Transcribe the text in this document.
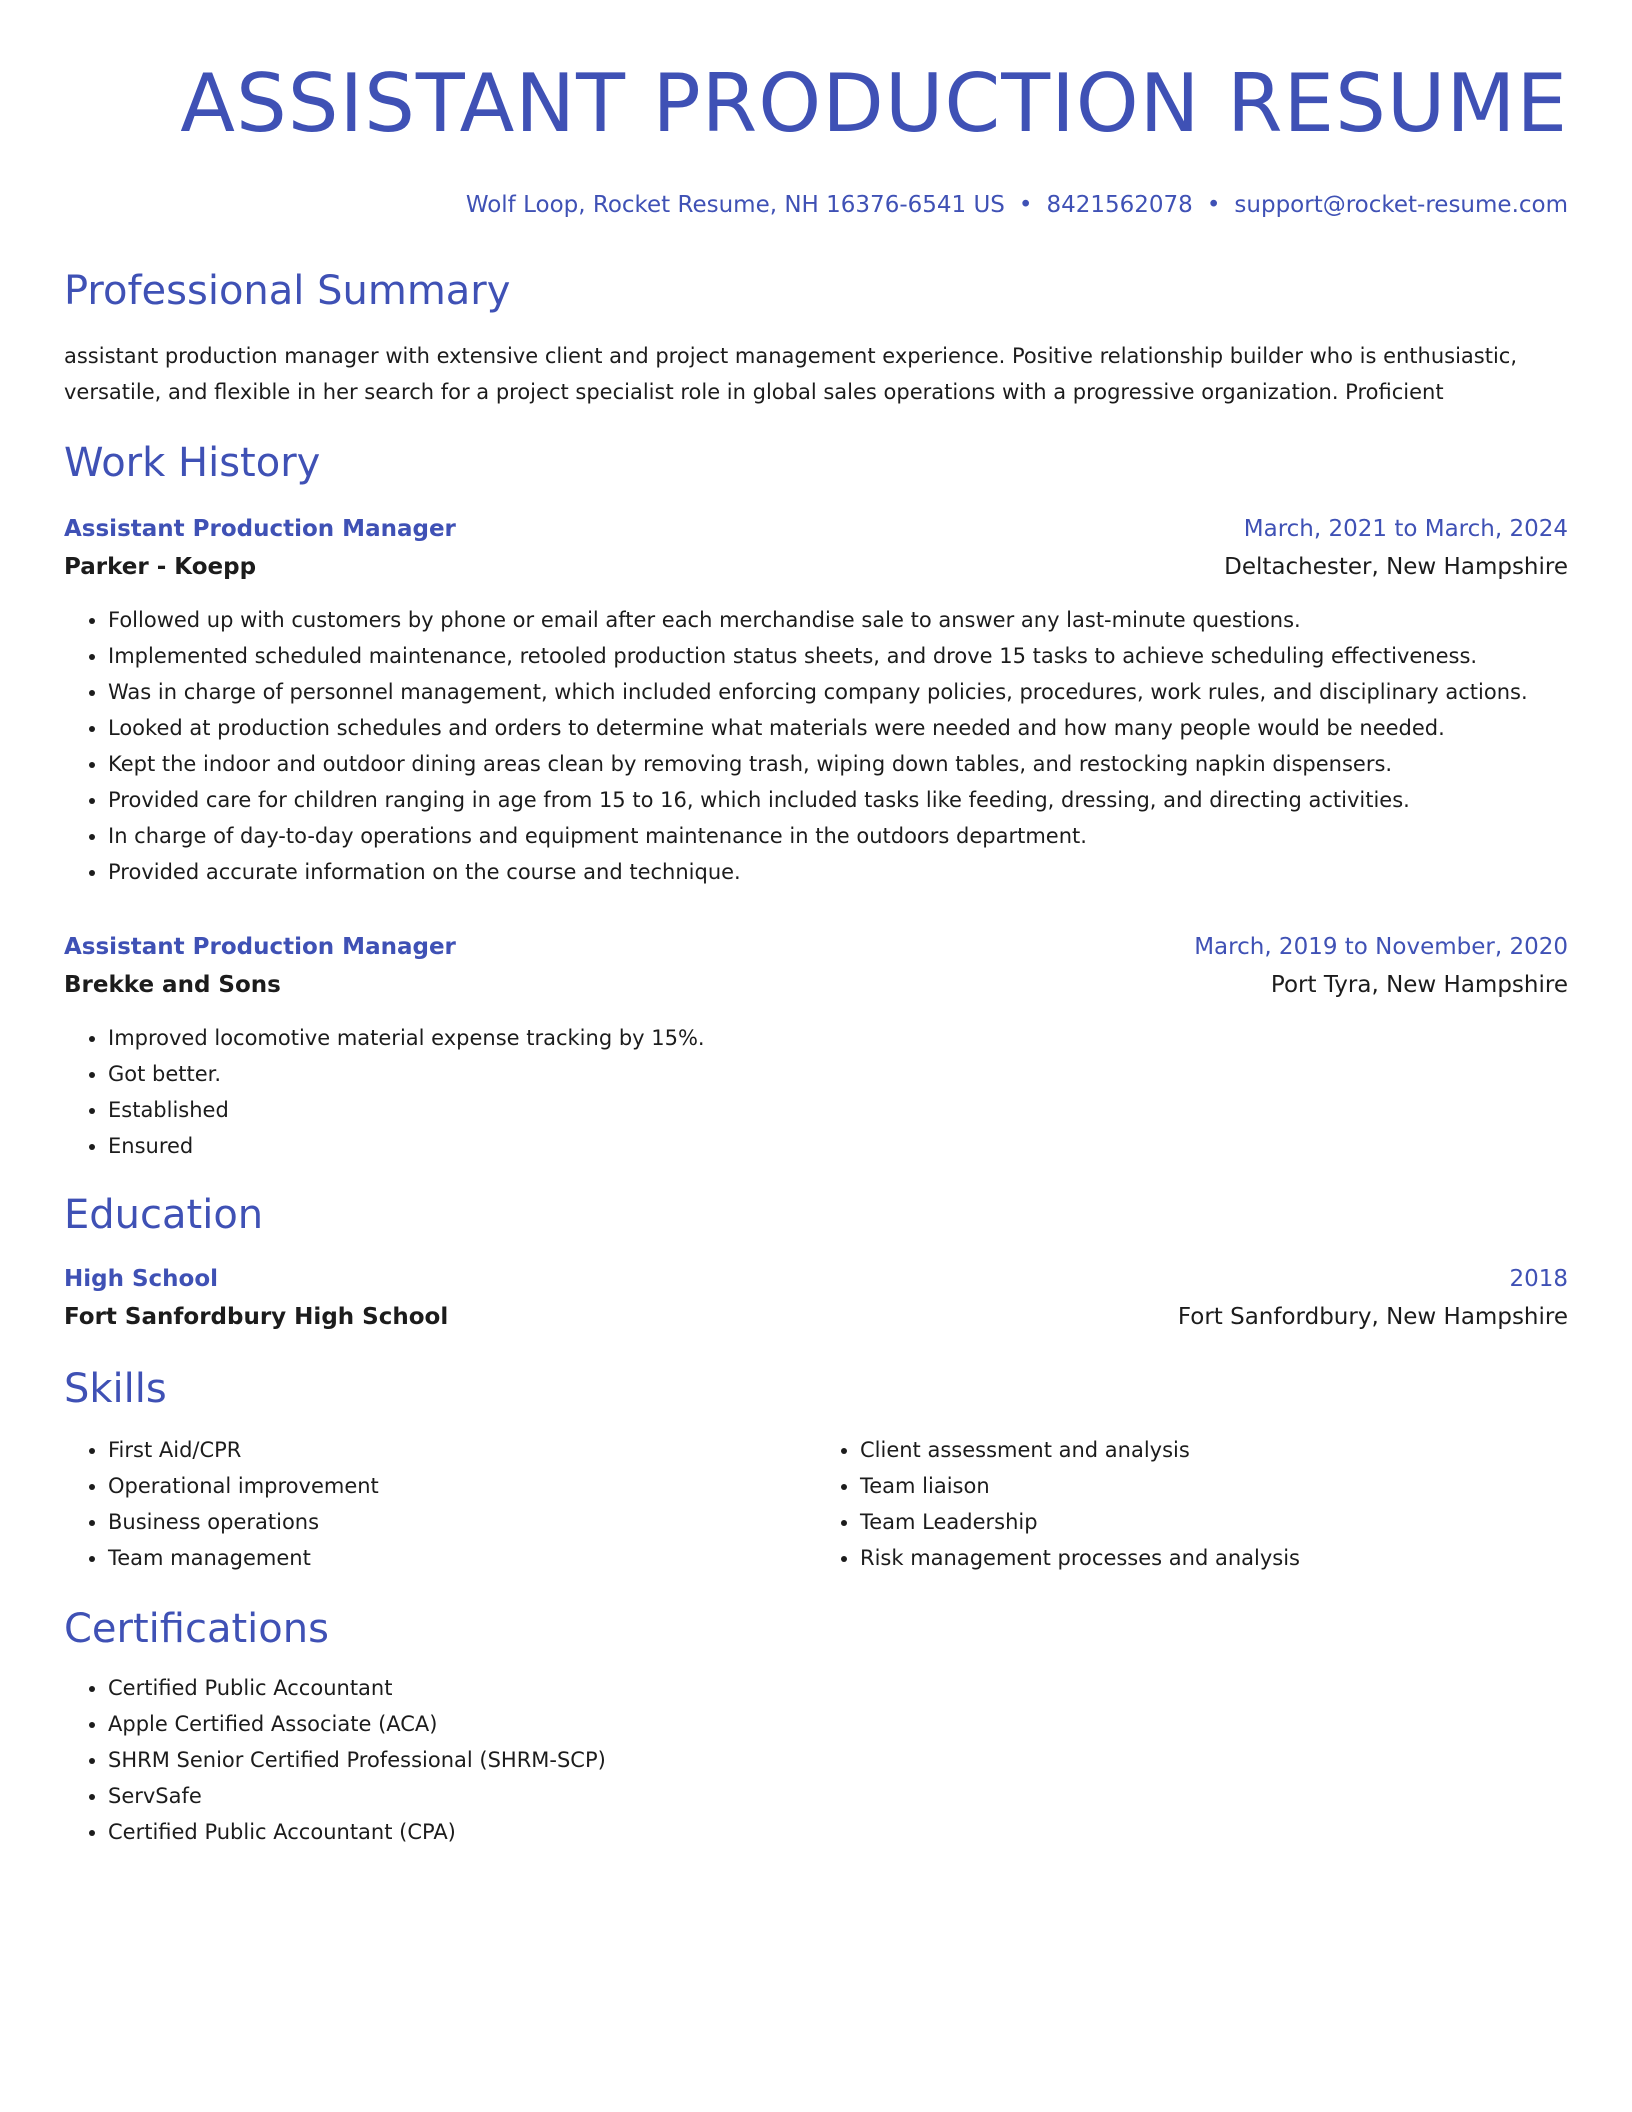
ASSISTANT PRODUCTION RESUME
Wolf Loop, Rocket Resume, NH 16376-6541 US • 8421562078 • support@rocket-resume.com
Professional Summary

assistant production manager with extensive client and project management experience. Positive relationship builder who is enthusiastic, versatile, and flexible in her search for a project specialist role in global sales operations with a progressive organization. Proficient

Work History
Assistant Production Manager	March, 2021 to March, 2024
Parker - Koepp	Deltachester, New Hampshire
• Followed up with customers by phone or email after each merchandise sale to answer any last-minute questions.
• Implemented scheduled maintenance, retooled production status sheets, and drove 15 tasks to achieve scheduling effectiveness.
• Was in charge of personnel management, which included enforcing company policies, procedures, work rules, and disciplinary actions.
• Looked at production schedules and orders to determine what materials were needed and how many people would be needed.
• Kept the indoor and outdoor dining areas clean by removing trash, wiping down tables, and restocking napkin dispensers.
• Provided care for children ranging in age from 15 to 16, which included tasks like feeding, dressing, and directing activities.
• In charge of day-to-day operations and equipment maintenance in the outdoors department.
• Provided accurate information on the course and technique.
Assistant Production Manager	March, 2019 to November, 2020
Brekke and Sons	Port Tyra, New Hampshire
• Improved locomotive material expense tracking by 15%.
• Got better.
• Established
• Ensured
Education
High School	2018
Fort Sanfordbury High School	Fort Sanfordbury, New Hampshire
Skills
• First Aid/CPR
• Operational improvement
• Business operations
• Team management
• Client assessment and analysis
• Team liaison
• Team Leadership
• Risk management processes and analysis
Certifications
• Certified Public Accountant
• Apple Certified Associate (ACA)
• SHRM Senior Certified Professional (SHRM-SCP)
• ServSafe
• Certified Public Accountant (CPA)
